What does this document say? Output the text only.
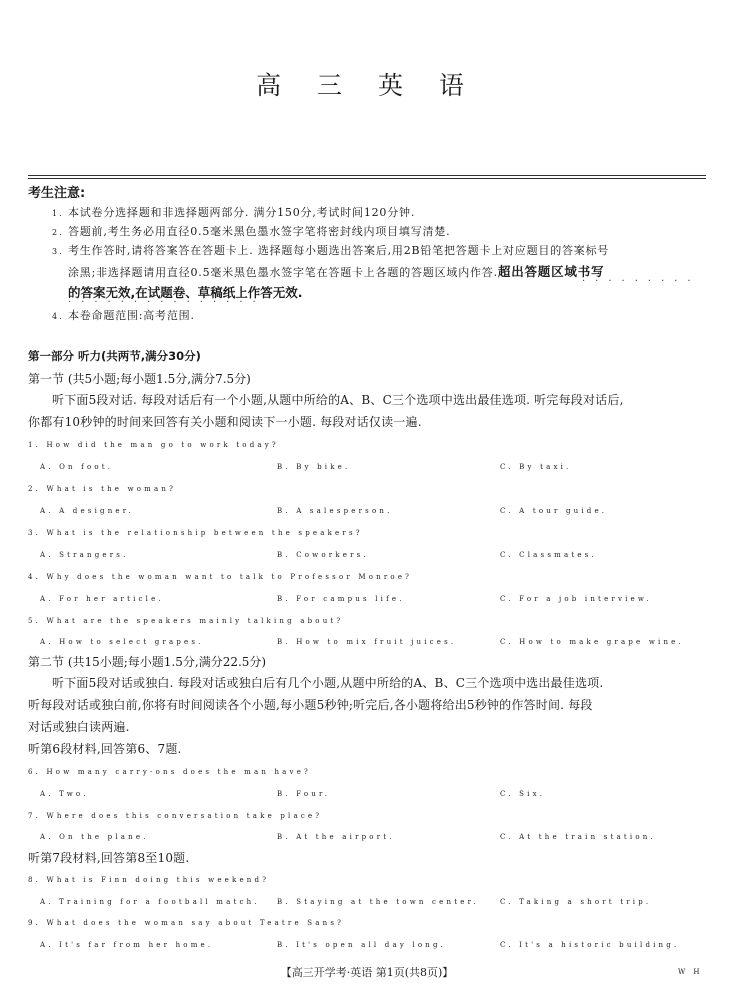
高 三 英 语
考生注意:
1. 本试卷分选择题和非选择题两部分. 满分150分,考试时间120分钟.
2. 答题前,考生务必用直径0.5毫米黑色墨水签字笔将密封线内项目填写清楚.
3. 考生作答时,请将答案答在答题卡上. 选择题每小题选出答案后,用2B铅笔把答题卡上对应题目的答案标号
涂黑;非选择题请用直径0.5毫米黑色墨水签字笔在答题卡上各题的答题区域内作答.超出答题区域书写
·········
的答案无效,在试题卷、草稿纸上作答无效.
···············
4. 本卷命题范围:高考范围.
第一部分 听力(共两节,满分30分)
第一节 (共5小题;每小题1.5分,满分7.5分)
听下面5段对话. 每段对话后有一个小题,从题中所给的A、B、C三个选项中选出最佳选项. 听完每段对话后,
你都有10秒钟的时间来回答有关小题和阅读下一小题. 每段对话仅读一遍.
1. How did the man go to work today?
A. On foot.	B. By bike.	C. By taxi.
2. What is the woman?
A. A designer.	B. A salesperson.	C. A tour guide.
3. What is the relationship between the speakers?
A. Strangers.	B. Coworkers.	C. Classmates.
4. Why does the woman want to talk to Professor Monroe?
A. For her article.	B. For campus life.	C. For a job interview.
5. What are the speakers mainly talking about?
A. How to select grapes.	B. How to mix fruit juices.	C. How to make grape wine.
第二节 (共15小题;每小题1.5分,满分22.5分)
听下面5段对话或独白. 每段对话或独白后有几个小题,从题中所给的A、B、C三个选项中选出最佳选项.
听每段对话或独白前,你将有时间阅读各个小题,每小题5秒钟;听完后,各小题将给出5秒钟的作答时间. 每段
对话或独白读两遍.
听第6段材料,回答第6、7题.
6. How many carry-ons does the man have?
A. Two.	B. Four.	C. Six.
7. Where does this conversation take place?
A. On the plane.	B. At the airport.	C. At the train station.
听第7段材料,回答第8至10题.
8. What is Finn doing this weekend?
A. Training for a football match. B. Staying at the town center.	C. Taking a short trip.
9. What does the woman say about Teatre Sans?
A. It's far from her home.	B. It's open all day long.	C. It's a historic building.
【高三开学考·英语 第1页(共8页)】	W H
